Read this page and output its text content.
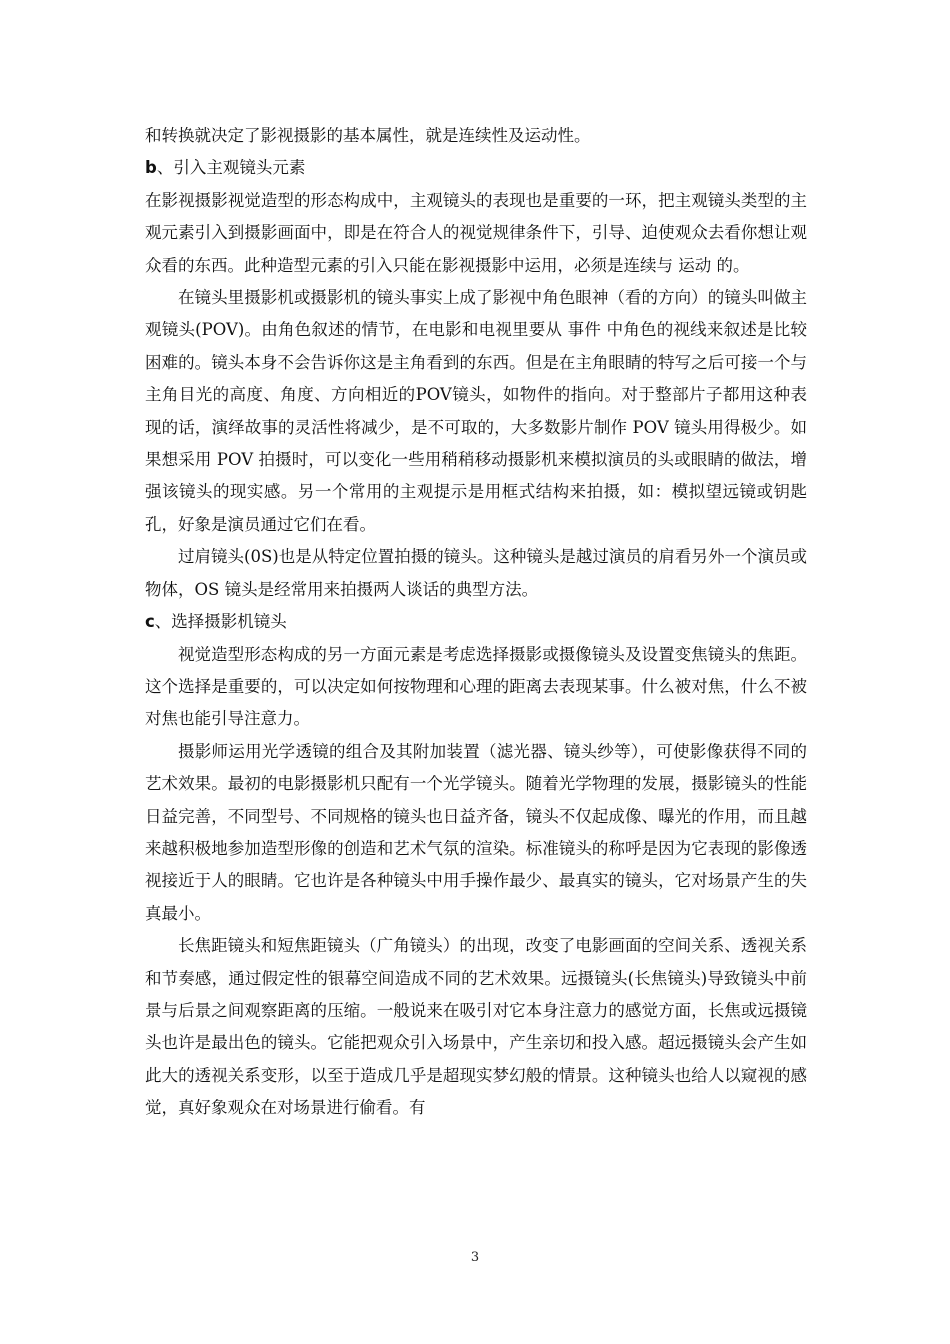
和转换就决定了影视摄影的基本属性，就是连续性及运动性。

b、引入主观镜头元素

在影视摄影视觉造型的形态构成中，主观镜头的表现也是重要的一环，把主观镜头类型的主观元素引入到摄影画面中，即是在符合人的视觉规律条件下，引导、迫使观众去看你想让观众看的东西。此种造型元素的引入只能在影视摄影中运用，必须是连续与 运动 的。

在镜头里摄影机或摄影机的镜头事实上成了影视中角色眼神（看的方向）的镜头叫做主观镜头(POV)。由角色叙述的情节，在电影和电视里要从 事件 中角色的视线来叙述是比较困难的。镜头本身不会告诉你这是主角看到的东西。但是在主角眼睛的特写之后可接一个与主角目光的高度、角度、方向相近的POV镜头，如物件的指向。对于整部片子都用这种表现的话，演绎故事的灵活性将减少，是不可取的，大多数影片制作 POV 镜头用得极少。如果想采用 POV 拍摄时，可以变化一些用稍稍移动摄影机来模拟演员的头或眼睛的做法，增强该镜头的现实感。另一个常用的主观提示是用框式结构来拍摄，如：模拟望远镜或钥匙孔，好象是演员通过它们在看。

过肩镜头(0S)也是从特定位置拍摄的镜头。这种镜头是越过演员的肩看另外一个演员或物体，OS 镜头是经常用来拍摄两人谈话的典型方法。

c、选择摄影机镜头

视觉造型形态构成的另一方面元素是考虑选择摄影或摄像镜头及设置变焦镜头的焦距。这个选择是重要的，可以决定如何按物理和心理的距离去表现某事。什么被对焦，什么不被对焦也能引导注意力。

摄影师运用光学透镜的组合及其附加装置（滤光器、镜头纱等），可使影像获得不同的艺术效果。最初的电影摄影机只配有一个光学镜头。随着光学物理的发展，摄影镜头的性能日益完善，不同型号、不同规格的镜头也日益齐备，镜头不仅起成像、曝光的作用，而且越来越积极地参加造型形像的创造和艺术气氛的渲染。标准镜头的称呼是因为它表现的影像透视接近于人的眼睛。它也许是各种镜头中用手操作最少、最真实的镜头，它对场景产生的失真最小。

长焦距镜头和短焦距镜头（广角镜头）的出现，改变了电影画面的空间关系、透视关系和节奏感，通过假定性的银幕空间造成不同的艺术效果。远摄镜头(长焦镜头)导致镜头中前景与后景之间观察距离的压缩。一般说来在吸引对它本身注意力的感觉方面，长焦或远摄镜头也许是最出色的镜头。它能把观众引入场景中，产生亲切和投入感。超远摄镜头会产生如此大的透视关系变形，以至于造成几乎是超现实梦幻般的情景。这种镜头也给人以窥视的感觉，真好象观众在对场景进行偷看。有

3
